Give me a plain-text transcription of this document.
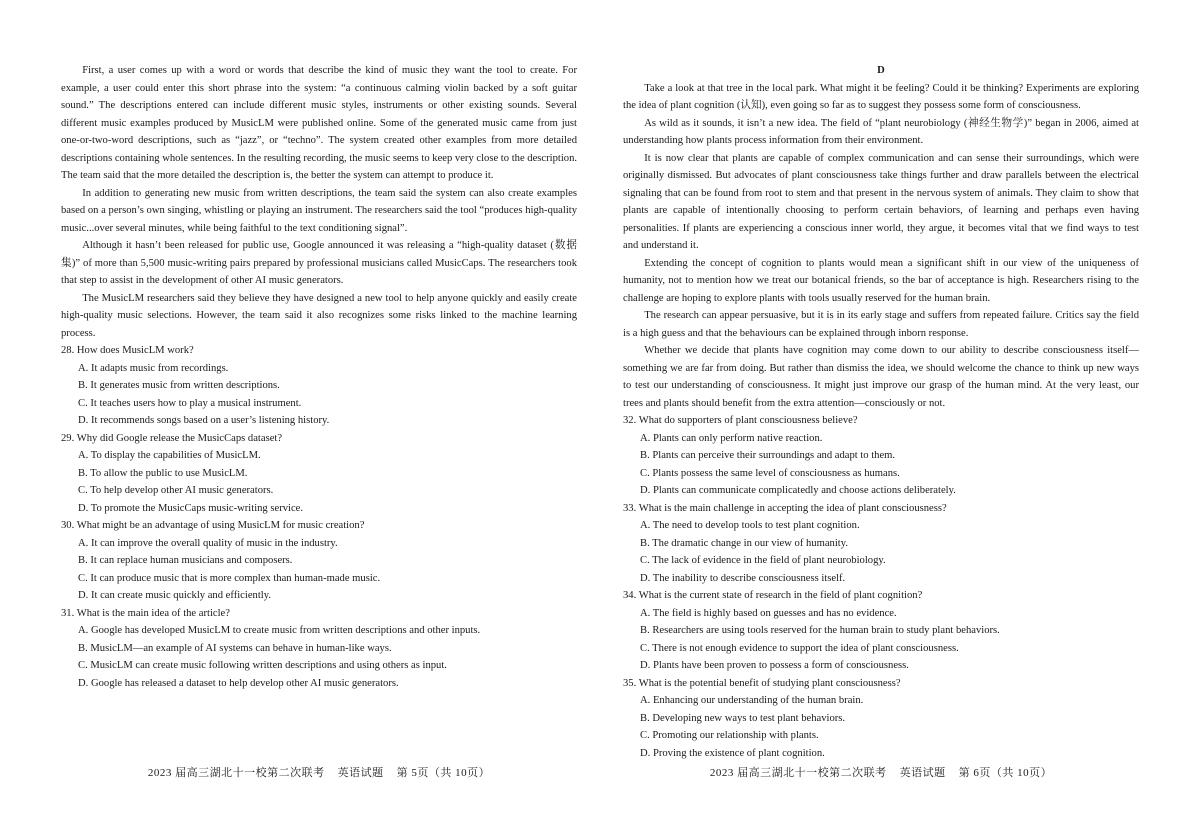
First, a user comes up with a word or words that describe the kind of music they want the tool to create. For example, a user could enter this short phrase into the system: “a continuous calming violin backed by a soft guitar sound.” The descriptions entered can include different music styles, instruments or other existing sounds. Several different music examples produced by MusicLM were published online. Some of the generated music came from just one-or-two-word descriptions, such as “jazz”, or “techno”. The system created other examples from more detailed descriptions containing whole sentences. In the resulting recording, the music seems to keep very close to the description. The team said that the more detailed the description is, the better the system can attempt to produce it.

In addition to generating new music from written descriptions, the team said the system can also create examples based on a person’s own singing, whistling or playing an instrument. The researchers said the tool “produces high-quality music...over several minutes, while being faithful to the text conditioning signal”.

Although it hasn’t been released for public use, Google announced it was releasing a “high-quality dataset (数据集)” of more than 5,500 music-writing pairs prepared by professional musicians called MusicCaps. The researchers took that step to assist in the development of other AI music generators.

The MusicLM researchers said they believe they have designed a new tool to help anyone quickly and easily create high-quality music selections. However, the team said it also recognizes some risks linked to the machine learning process.

28. How does MusicLM work?
A. It adapts music from recordings.
B. It generates music from written descriptions.
C. It teaches users how to play a musical instrument.
D. It recommends songs based on a user’s listening history.
29. Why did Google release the MusicCaps dataset?
A. To display the capabilities of MusicLM.
B. To allow the public to use MusicLM.
C. To help develop other AI music generators.
D. To promote the MusicCaps music-writing service.
30. What might be an advantage of using MusicLM for music creation?
A. It can improve the overall quality of music in the industry.
B. It can replace human musicians and composers.
C. It can produce music that is more complex than human-made music.
D. It can create music quickly and efficiently.
31. What is the main idea of the article?
A. Google has developed MusicLM to create music from written descriptions and other inputs.
B. MusicLM—an example of AI systems can behave in human-like ways.
C. MusicLM can create music following written descriptions and using others as input.
D. Google has released a dataset to help develop other AI music generators.
2023 届高三湖北十一校第二次联考    英语试题    第 5页（共 10页）
D

Take a look at that tree in the local park. What might it be feeling? Could it be thinking? Experiments are exploring the idea of plant cognition (认知), even going so far as to suggest they possess some form of consciousness.

As wild as it sounds, it isn’t a new idea. The field of “plant neurobiology (神经生物学)” began in 2006, aimed at understanding how plants process information from their environment.

It is now clear that plants are capable of complex communication and can sense their surroundings, which were originally dismissed. But advocates of plant consciousness take things further and draw parallels between the electrical signaling that can be found from root to stem and that present in the nervous system of animals. They claim to show that plants are capable of intentionally choosing to perform certain behaviors, of learning and perhaps even having personalities. If plants are experiencing a conscious inner world, they argue, it becomes vital that we find ways to test and understand it.

Extending the concept of cognition to plants would mean a significant shift in our view of the uniqueness of humanity, not to mention how we treat our botanical friends, so the bar of acceptance is high. Researchers rising to the challenge are hoping to explore plants with tools usually reserved for the human brain.

The research can appear persuasive, but it is in its early stage and suffers from repeated failure. Critics say the field is a high guess and that the behaviours can be explained through inborn response.

Whether we decide that plants have cognition may come down to our ability to describe consciousness itself—something we are far from doing. But rather than dismiss the idea, we should welcome the chance to think up new ways to test our understanding of consciousness. It might just improve our grasp of the human mind. At the very least, our trees and plants should benefit from the extra attention—consciously or not.

32. What do supporters of plant consciousness believe?
A. Plants can only perform native reaction.
B. Plants can perceive their surroundings and adapt to them.
C. Plants possess the same level of consciousness as humans.
D. Plants can communicate complicatedly and choose actions deliberately.
33. What is the main challenge in accepting the idea of plant consciousness?
A. The need to develop tools to test plant cognition.
B. The dramatic change in our view of humanity.
C. The lack of evidence in the field of plant neurobiology.
D. The inability to describe consciousness itself.
34. What is the current state of research in the field of plant cognition?
A. The field is highly based on guesses and has no evidence.
B. Researchers are using tools reserved for the human brain to study plant behaviors.
C. There is not enough evidence to support the idea of plant consciousness.
D. Plants have been proven to possess a form of consciousness.
35. What is the potential benefit of studying plant consciousness?
A. Enhancing our understanding of the human brain.
B. Developing new ways to test plant behaviors.
C. Promoting our relationship with plants.
D. Proving the existence of plant cognition.
2023 届高三湖北十一校第二次联考    英语试题    第 6页（共 10页）
